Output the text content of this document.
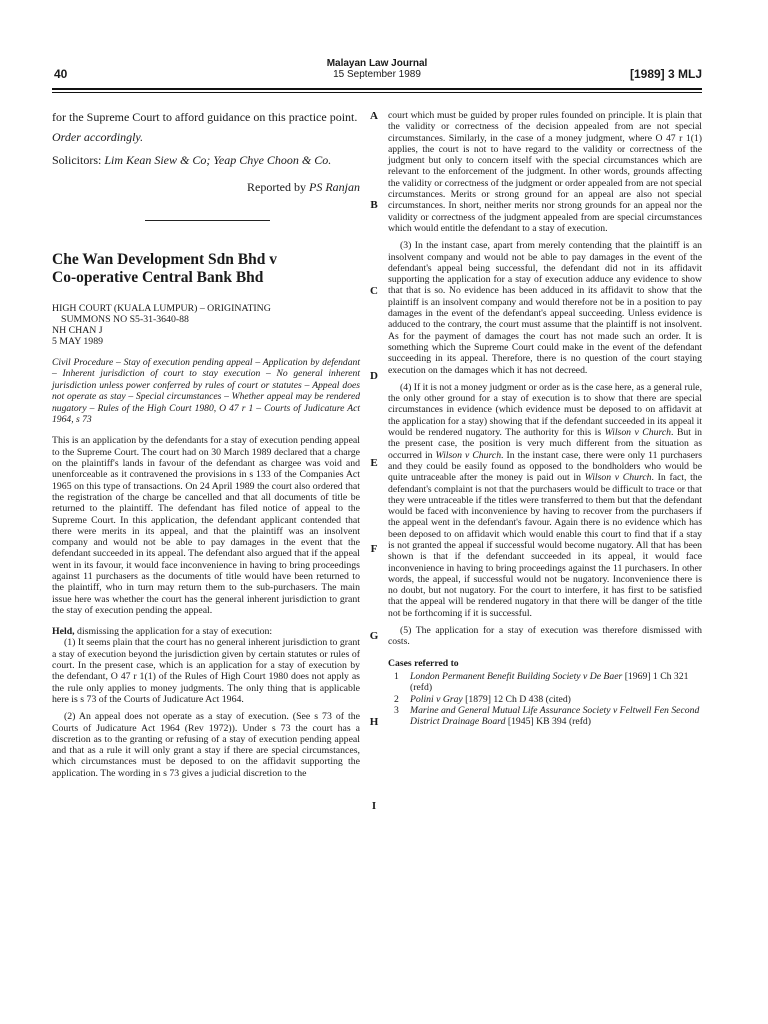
40
Malayan Law Journal
15 September 1989	[1989] 3 MLJ

for the Supreme Court to afford guidance on this practice point.

Order accordingly.

Solicitors: Lim Kean Siew & Co; Yeap Chye Choon & Co.

Reported by PS Ranjan

Che Wan Development Sdn Bhd v
Co-operative Central Bank Bhd
HIGH COURT (KUALA LUMPUR) – ORIGINATING
SUMMONS NO S5-31-3640-88
NH CHAN J
5 MAY 1989

Civil Procedure – Stay of execution pending appeal – Application by defendant – Inherent jurisdiction of court to stay execution – No general inherent jurisdiction unless power conferred by rules of court or statutes – Appeal does not operate as stay – Special circumstances – Whether appeal may be rendered nugatory – Rules of the High Court 1980, O 47 r 1 – Courts of Judicature Act 1964, s 73

This is an application by the defendants for a stay of execution pending appeal to the Supreme Court. The court had on 30 March 1989 declared that a charge on the plaintiff's lands in favour of the defendant as chargee was void and unenforceable as it contravened the provisions in s 133 of the Companies Act 1965 on this type of transactions. On 24 April 1989 the court also ordered that the registration of the charge be cancelled and that all documents of title be returned to the plaintiff. The defendant has filed notice of appeal to the Supreme Court. In this application, the defendant applicant contended that there were merits in its appeal, and that the plaintiff was an insolvent company and would not be able to pay damages in the event that the defendant succeeded in its appeal. The defendant also argued that if the appeal went in its favour, it would face inconvenience in having to bring proceedings against 11 purchasers as the documents of title would have been returned to the plaintiff, who in turn may return them to the sub-purchasers. The main issue here was whether the court has the general inherent jurisdiction to grant the stay of execution pending the appeal.

Held, dismissing the application for a stay of execution:

(1) It seems plain that the court has no general inherent jurisdiction to grant a stay of execution beyond the jurisdiction given by certain statutes or rules of court. In the present case, which is an application for a stay of execution by the defendant, O 47 r 1(1) of the Rules of High Court 1980 does not apply as the rule only applies to money judgments. The only thing that is applicable here is s 73 of the Courts of Judicature Act 1964.

(2) An appeal does not operate as a stay of execution. (See s 73 of the Courts of Judicature Act 1964 (Rev 1972)). Under s 73 the court has a discretion as to the granting or refusing of a stay of execution pending appeal and that as a rule it will only grant a stay if there are special circumstances, which circumstances must be deposed to on the affidavit supporting the application. The wording in s 73 gives a judicial discretion to the

A
B
C
D
E
F
G
H
I

court which must be guided by proper rules founded on principle. It is plain that the validity or correctness of the decision appealed from are not special circumstances. Similarly, in the case of a money judgment, where O 47 r 1(1) applies, the court is not to have regard to the validity or correctness of the judgment but only to concern itself with the special circumstances which are relevant to the enforcement of the judgment. In other words, grounds affecting the validity or correctness of the judgment or order appealed from are not special circumstances. Merits or strong ground for an appeal are also not special circumstances. In short, neither merits nor strong grounds for an appeal nor the validity or correctness of the judgment appealed from are special circumstances which would entitle the defendant to a stay of execution.

(3) In the instant case, apart from merely contending that the plaintiff is an insolvent company and would not be able to pay damages in the event of the defendant's appeal being successful, the defendant did not in its affidavit supporting the application for a stay of execution adduce any evidence to show that that is so. No evidence has been adduced in its affidavit to show that the plaintiff is an insolvent company and would therefore not be in a position to pay damages in the event of the defendant's appeal succeeding. Unless evidence is adduced to the contrary, the court must assume that the plaintiff is not insolvent. As for the payment of damages the court has not made such an order. It is something which the Supreme Court could make in the event of the defendant succeeding in its appeal. Therefore, there is no question of the court staying execution on the damages which it has not decreed.

(4) If it is not a money judgment or order as is the case here, as a general rule, the only other ground for a stay of execution is to show that there are special circumstances in evidence (which evidence must be deposed to on affidavit at the application for a stay) showing that if the defendant succeeded in its appeal it would be rendered nugatory. The authority for this is Wilson v Church. But in the present case, the position is very much different from the situation as occurred in Wilson v Church. In the instant case, there were only 11 purchasers and they could be easily found as opposed to the bondholders who would be quite untraceable after the money is paid out in Wilson v Church. In fact, the defendant's complaint is not that the purchasers would be difficult to trace or that they were untraceable if the titles were transferred to them but that the defendant would be faced with inconvenience by having to recover from the purchasers if the appeal went in the defendant's favour. Again there is no evidence which has been deposed to on affidavit which would enable this court to find that if a stay is not granted the appeal if successful would become nugatory. All that has been shown is that if the defendant succeeded in its appeal, it would face inconvenience in having to bring proceedings against the 11 purchasers. In other words, the appeal, if successful would not be nugatory. Inconvenience there is no doubt, but not nugatory. For the court to interfere, it has first to be satisfied that the appeal will be rendered nugatory in that there will be danger of the title not be forthcoming if it is successful.

(5) The application for a stay of execution was therefore dismissed with costs.

Cases referred to
1 London Permanent Benefit Building Society v De Baer [1969] 1 Ch 321 (refd)
2 Polini v Gray [1879] 12 Ch D 438 (cited)
3 Marine and General Mutual Life Assurance Society v Feltwell Fen Second District Drainage Board [1945] KB 394 (refd)
